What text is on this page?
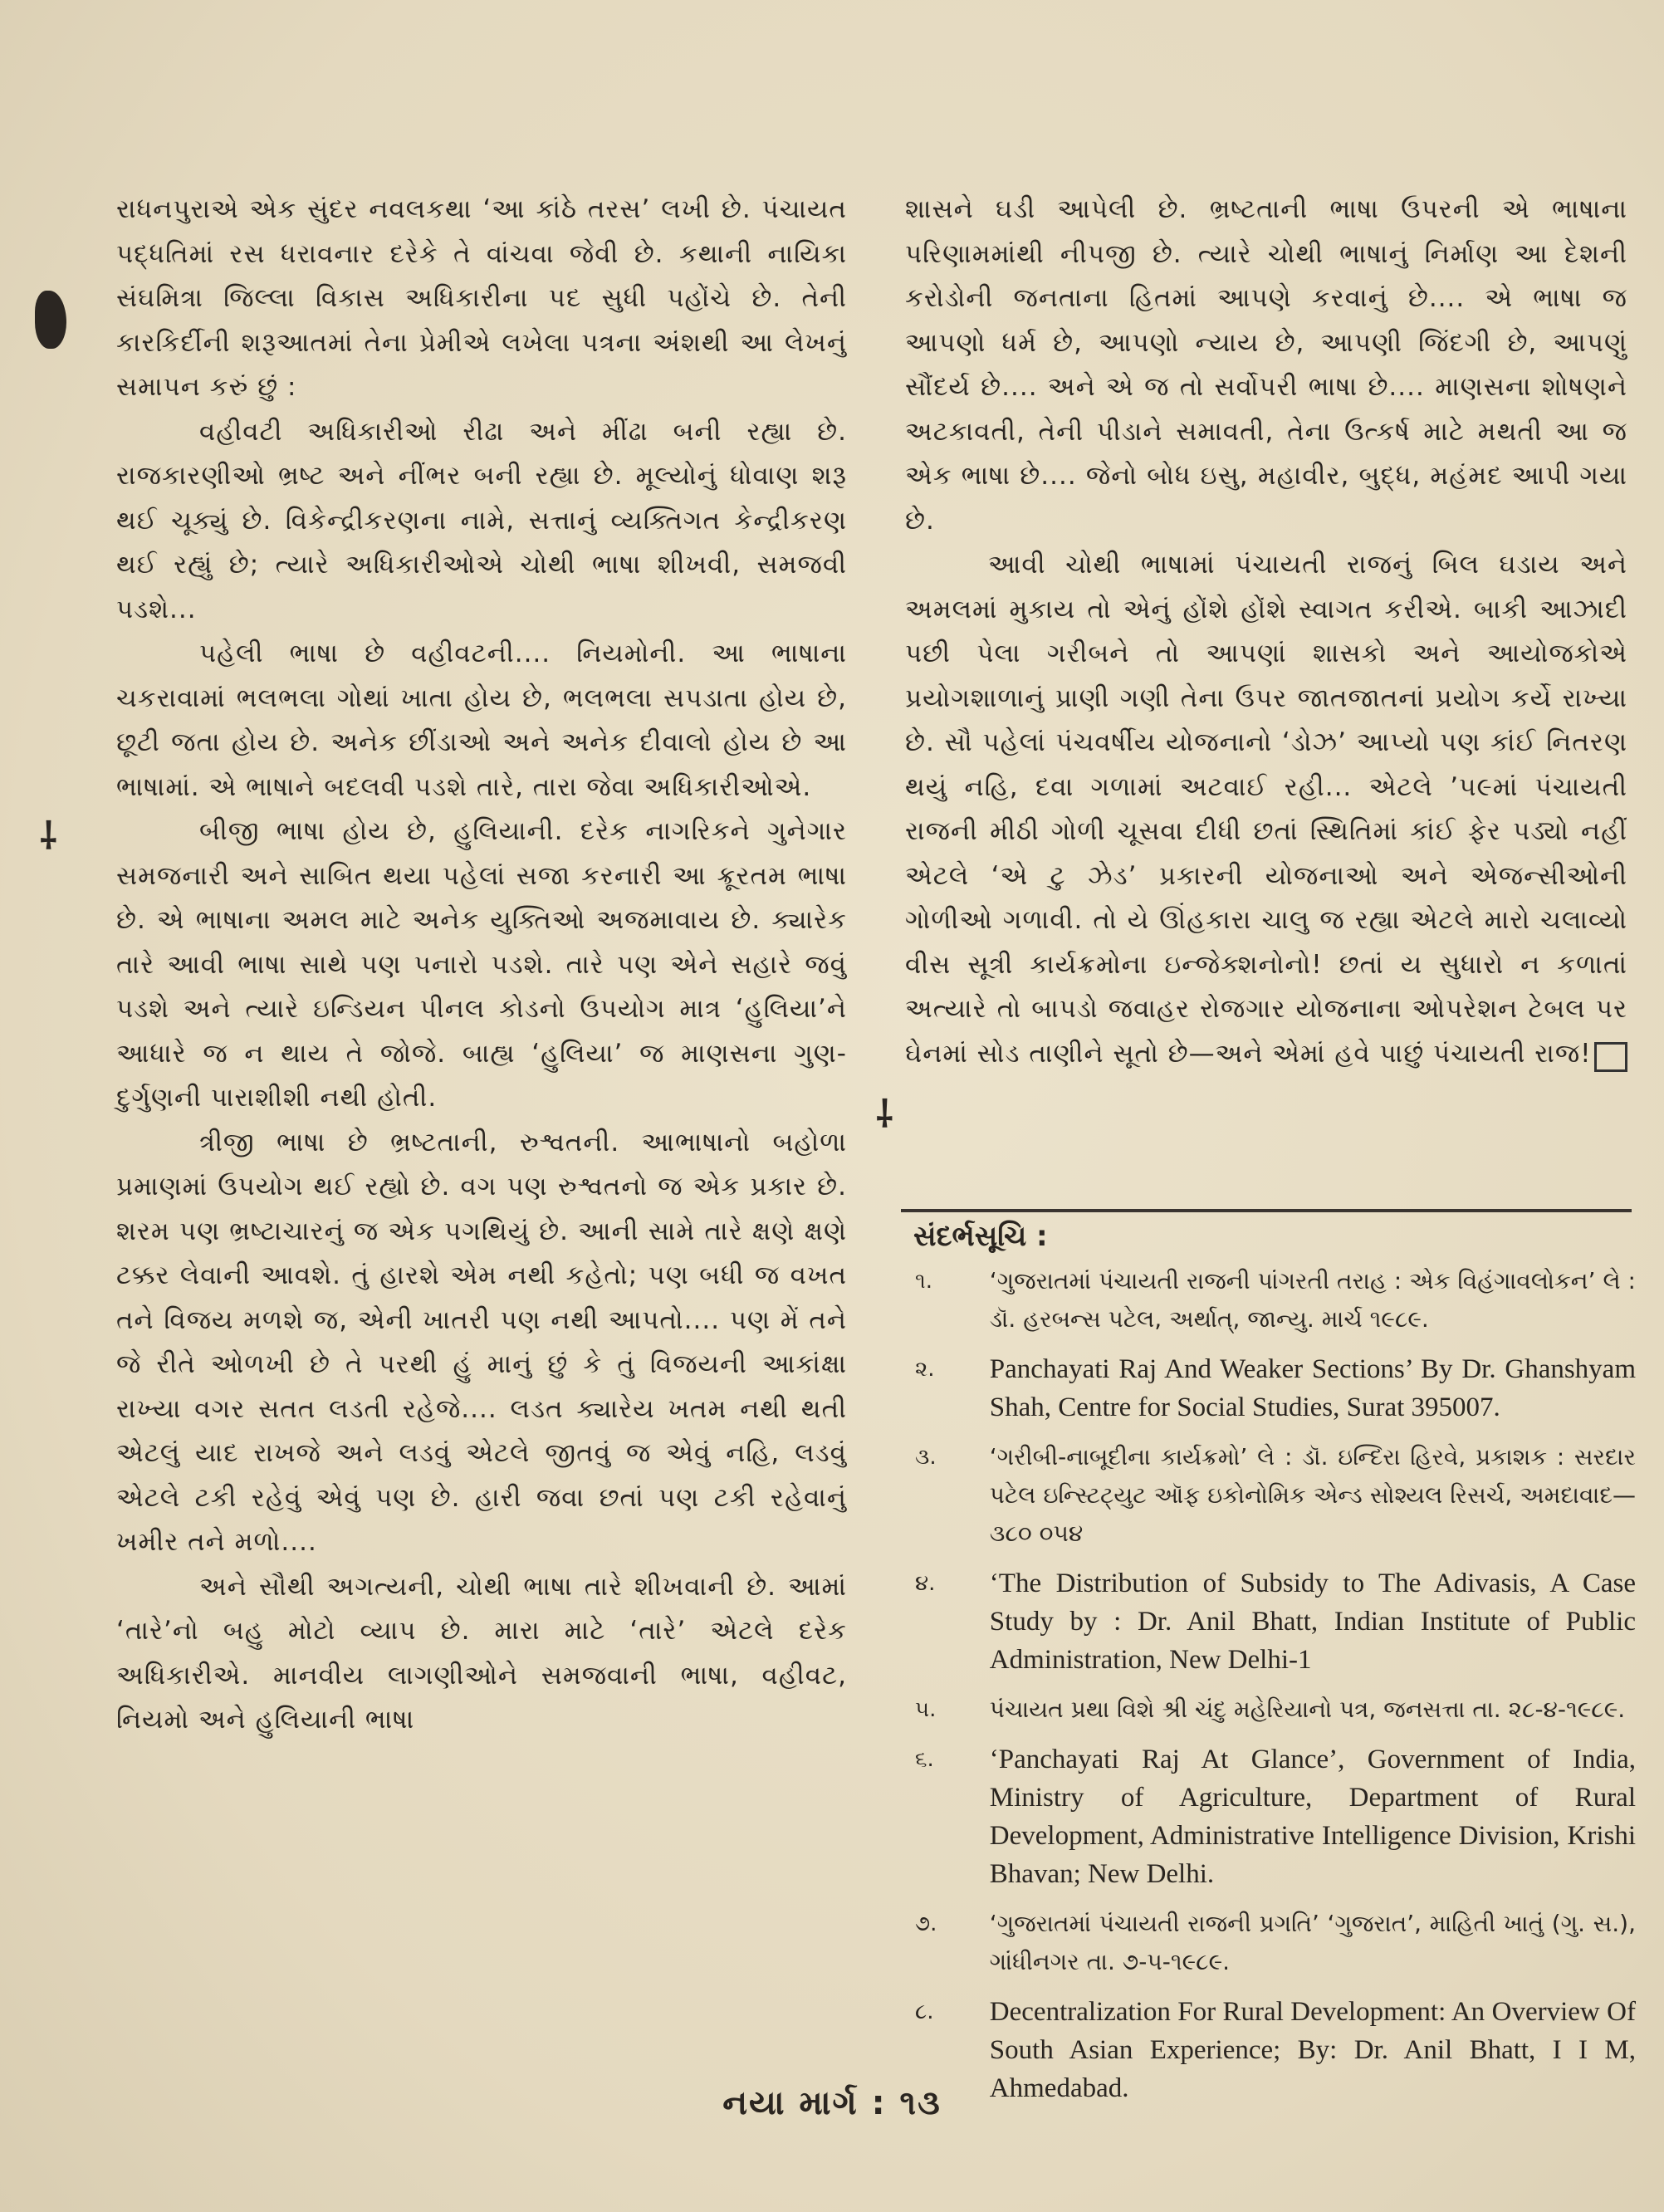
⸸
⸸

રાધનપુરાએ એક સુંદર નવલકથા ‘આ કાંઠે તરસ’ લખી છે. પંચાયત પદ્ધતિમાં રસ ધરાવનાર દરેકે તે વાંચવા જેવી છે. કથાની નાયિકા સંઘમિત્રા જિલ્લા વિકાસ અધિકારીના પદ સુધી પહોંચે છે. તેની કારકિર્દીની શરૂઆતમાં તેના પ્રેમીએ લખેલા પત્રના અંશથી આ લેખનું સમાપન કરું છું :

વહીવટી અધિકારીઓ રીઢા અને મીંઢા બની રહ્યા છે. રાજકારણીઓ ભ્રષ્ટ અને નીંભર બની રહ્યા છે. મૂલ્યોનું ધોવાણ શરૂ થઈ ચૂક્યું છે. વિકેન્દ્રીકરણના નામે, સત્તાનું વ્યક્તિગત કેન્દ્રીકરણ થઈ રહ્યું છે; ત્યારે અધિકારીઓએ ચોથી ભાષા શીખવી, સમજવી પડશે...

પહેલી ભાષા છે વહીવટની.... નિયમોની. આ ભાષાના ચકરાવામાં ભલભલા ગોથાં ખાતા હોય છે, ભલભલા સપડાતા હોય છે, છૂટી જતા હોય છે. અનેક છીંડાઓ અને અનેક દીવાલો હોય છે આ ભાષામાં. એ ભાષાને બદલવી પડશે તારે, તારા જેવા અધિકારીઓએ.

બીજી ભાષા હોય છે, હુલિયાની. દરેક નાગરિકને ગુનેગાર સમજનારી અને સાબિત થયા પહેલાં સજા કરનારી આ ક્રૂરતમ ભાષા છે. એ ભાષાના અમલ માટે અનેક યુક્તિઓ અજમાવાય છે. ક્યારેક તારે આવી ભાષા સાથે પણ પનારો પડશે. તારે પણ એને સહારે જવું પડશે અને ત્યારે ઇન્ડિયન પીનલ કોડનો ઉપયોગ માત્ર ‘હુલિયા’ને આધારે જ ન થાય તે જોજે. બાહ્ય ‘હુલિયા’ જ માણસના ગુણ-દુર્ગુણની પારાશીશી નથી હોતી.

ત્રીજી ભાષા છે ભ્રષ્ટતાની, રુશ્વતની. આભાષાનો બહોળા પ્રમાણમાં ઉપયોગ થઈ રહ્યો છે. વગ પણ રુશ્વતનો જ એક પ્રકાર છે. શરમ પણ ભ્રષ્ટાચારનું જ એક પગથિયું છે. આની સામે તારે ક્ષણે ક્ષણે ટક્કર લેવાની આવશે. તું હારશે એમ નથી કહેતો; પણ બધી જ વખત તને વિજય મળશે જ, એની ખાતરી પણ નથી આપતો.... પણ મેં તને જે રીતે ઓળખી છે તે પરથી હું માનું છું કે તું વિજયની આકાંક્ષા રાખ્યા વગર સતત લડતી રહેજે.... લડત ક્યારેય ખતમ નથી થતી એટલું યાદ રાખજે અને લડવું એટલે જીતવું જ એવું નહિ, લડવું એટલે ટકી રહેવું એવું પણ છે. હારી જવા છતાં પણ ટકી રહેવાનું ખમીર તને મળો....

અને સૌથી અગત્યની, ચોથી ભાષા તારે શીખવાની છે. આમાં ‘તારે’નો બહુ મોટો વ્યાપ છે. મારા માટે ‘તારે’ એટલે દરેક અધિકારીએ. માનવીય લાગણીઓને સમજવાની ભાષા, વહીવટ, નિયમો અને હુલિયાની ભાષા

શાસને ઘડી આપેલી છે. ભ્રષ્ટતાની ભાષા ઉપરની એ ભાષાના પરિણામમાંથી નીપજી છે. ત્યારે ચોથી ભાષાનું નિર્માણ આ દેશની કરોડોની જનતાના હિતમાં આપણે કરવાનું છે.... એ ભાષા જ આપણો ધર્મ છે, આપણો ન્યાય છે, આપણી જિંદગી છે, આપણું સૌંદર્ય છે.... અને એ જ તો સર્વોપરી ભાષા છે.... માણસના શોષણને અટકાવતી, તેની પીડાને સમાવતી, તેના ઉત્કર્ષ માટે મથતી આ જ એક ભાષા છે.... જેનો બોધ ઇસુ, મહાવીર, બુદ્ધ, મહંમદ આપી ગયા છે.

આવી ચોથી ભાષામાં પંચાયતી રાજનું બિલ ઘડાય અને અમલમાં મુકાય તો એનું હોંશે હોંશે સ્વાગત કરીએ. બાકી આઝાદી પછી પેલા ગરીબને તો આપણાં શાસકો અને આયોજકોએ પ્રયોગશાળાનું પ્રાણી ગણી તેના ઉપર જાતજાતનાં પ્રયોગ કર્યે રાખ્યા છે. સૌ પહેલાં પંચવર્ષીય યોજનાનો ‘ડોઝ’ આપ્યો પણ કાંઈ નિતરણ થયું નહિ, દવા ગળામાં અટવાઈ રહી... એટલે ’૫૯માં પંચાયતી રાજની મીઠી ગોળી ચૂસવા દીધી છતાં સ્થિતિમાં કાંઈ ફેર પડ્યો નહીં એટલે ‘એ ટુ ઝેડ’ પ્રકારની યોજનાઓ અને એજન્સીઓની ગોળીઓ ગળાવી. તો યે ઊંહકારા ચાલુ જ રહ્યા એટલે મારો ચલાવ્યો વીસ સૂત્રી કાર્યક્રમોના ઇન્જેક્શનોનો! છતાં ય સુધારો ન કળાતાં અત્યારે તો બાપડો જવાહર રોજગાર યોજનાના ઓપરેશન ટેબલ પર ઘેનમાં સોડ તાણીને સૂતો છે—અને એમાં હવે પાછું પંચાયતી રાજ!

સંદર્ભસૂચિ :
૧.	‘ગુજરાતમાં પંચાયતી રાજની પાંગરતી તરાહ : એક વિહંગાવલોકન’ લે : ડૉ. હરબન્સ પટેલ, અર્થાત્, જાન્યુ. માર્ચ ૧૯૮૯.
૨.	Panchayati Raj And Weaker Sections’ By Dr. Ghanshyam Shah, Centre for Social Studies, Surat 395007.
૩.	‘ગરીબી-નાબૂદીના કાર્યક્રમો’ લે : ડૉ. ઇન્દિરા હિરવે, પ્રકાશક : સરદાર પટેલ ઇન્સ્ટિટ્યુટ ઑફ ઇકોનોમિક એન્ડ સોશ્યલ રિસર્ચ, અમદાવાદ—૩૮૦ ૦૫૪
૪.	‘The Distribution of Subsidy to The Adivasis, A Case Study by : Dr. Anil Bhatt, Indian Institute of Public Administration, New Delhi-1
૫.	પંચાયત પ્રથા વિશે શ્રી ચંદુ મહેરિયાનો પત્ર, જનસત્તા તા. ૨૮-૪-૧૯૮૯.
૬.	‘Panchayati Raj At Glance’, Government of India, Ministry of Agriculture, Department of Rural Development, Administrative Intelligence Division, Krishi Bhavan; New Delhi.
૭.	‘ગુજરાતમાં પંચાયતી રાજની પ્રગતિ’ ‘ગુજરાત’, માહિતી ખાતું (ગુ. સ.), ગાંધીનગર તા. ૭-૫-૧૯૮૯.
૮.	Decentralization For Rural Development: An Overview Of South Asian Experience; By: Dr. Anil Bhatt, I I M, Ahmedabad.
નયા માર્ગ : ૧૩
